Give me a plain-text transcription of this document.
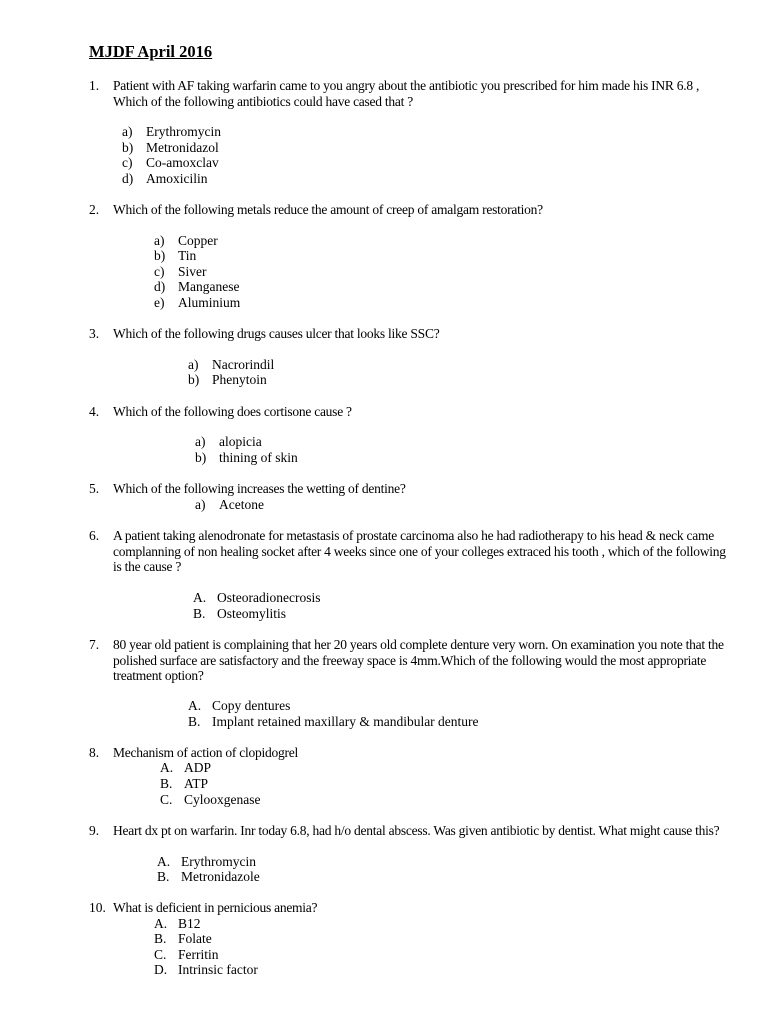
MJDF April 2016
1. Patient with AF taking warfarin came to you angry about the antibiotic you prescribed for him made his INR 6.8 , Which of the following antibiotics could have cased that ?
a) Erythromycin
b) Metronidazol
c) Co-amoxclav
d) Amoxicilin
2. Which of the following metals reduce the amount of creep of amalgam restoration?
a) Copper
b) Tin
c) Siver
d) Manganese
e) Aluminium
3. Which of the following drugs causes ulcer that looks like SSC?
a) Nacrorindil
b) Phenytoin
4. Which of the following does cortisone cause ?
a) alopicia
b) thining of skin
5. Which of the following increases the wetting of dentine?
a) Acetone
6. A patient taking alenodronate for metastasis of prostate carcinoma also he had radiotherapy to his head & neck came complanning of non healing socket after 4 weeks since one of your colleges extraced his tooth , which of the following is the cause ?
A. Osteoradionecrosis
B. Osteomylitis
7. 80 year old patient is complaining that her 20 years old complete denture very worn. On examination you note that the polished surface are satisfactory and the freeway space is 4mm.Which of the following would the most appropriate treatment option?
A. Copy dentures
B. Implant retained maxillary & mandibular denture
8. Mechanism of action of clopidogrel
A. ADP
B. ATP
C. Cylooxgenase
9. Heart dx pt on warfarin. Inr today 6.8, had h/o dental abscess. Was given antibiotic by dentist. What might cause this?
A. Erythromycin
B. Metronidazole
10. What is deficient in pernicious anemia?
A. B12
B. Folate
C. Ferritin
D. Intrinsic factor
